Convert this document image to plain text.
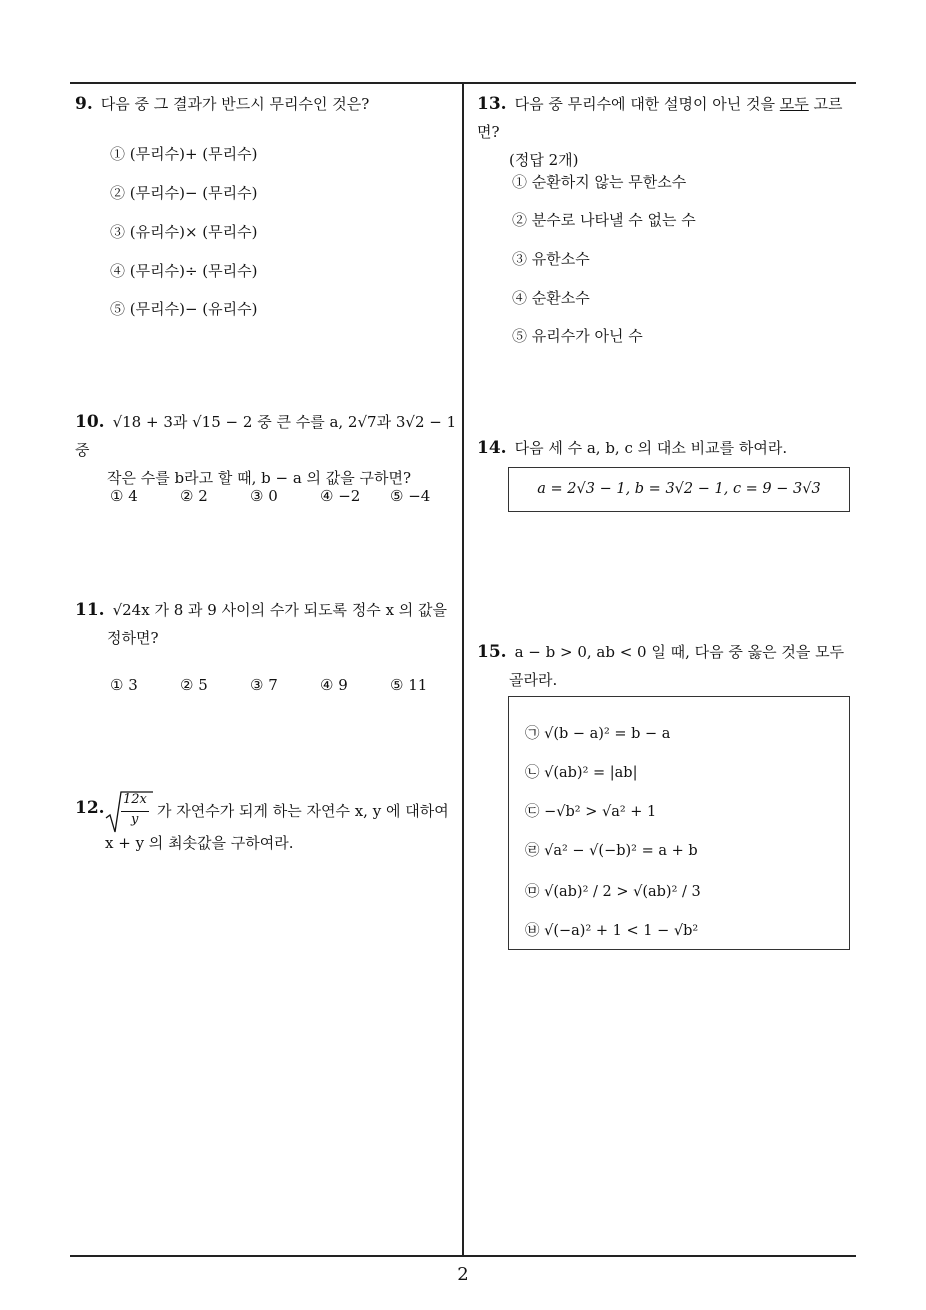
2
9. 다음 중 그 결과가 반드시 무리수인 것은?
① (무리수)+ (무리수)
② (무리수)− (무리수)
③ (유리수)× (무리수)
④ (무리수)÷ (무리수)
⑤ (무리수)− (유리수)
10. √18 + 3과 √15 − 2 중 큰 수를 a, 2√7과 3√2 − 1 중
작은 수를 b라고 할 때, b − a 의 값을 구하면?
① 4	② 2	③ 0	④ −2 ⑤ −4
11. √24x 가 8 과 9 사이의 수가 되도록 정수 x 의 값을
정하면?
① 3	② 5	③ 7	④ 9	⑤ 11
12. 12x
y 가 자연수가 되게 하는 자연수 x, y 에 대하여
x + y 의 최솟값을 구하여라.
13. 다음 중 무리수에 대한 설명이 아닌 것을 모두 고르면?
(정답 2개)
① 순환하지 않는 무한소수
② 분수로 나타낼 수 없는 수
③ 유한소수
④ 순환소수
⑤ 유리수가 아닌 수
14. 다음 세 수 a, b, c 의 대소 비교를 하여라.
a = 2√3 − 1, b = 3√2 − 1, c = 9 − 3√3
15. a − b > 0, ab < 0 일 때, 다음 중 옳은 것을 모두
골라라.
㉠ √(b − a)² = b − a
㉡ √(ab)² = |ab|
㉢ −√b² > √a² + 1
㉣ √a² − √(−b)² = a + b
㉤ √(ab)² / 2 > √(ab)² / 3
㉥ √(−a)² + 1 < 1 − √b²
